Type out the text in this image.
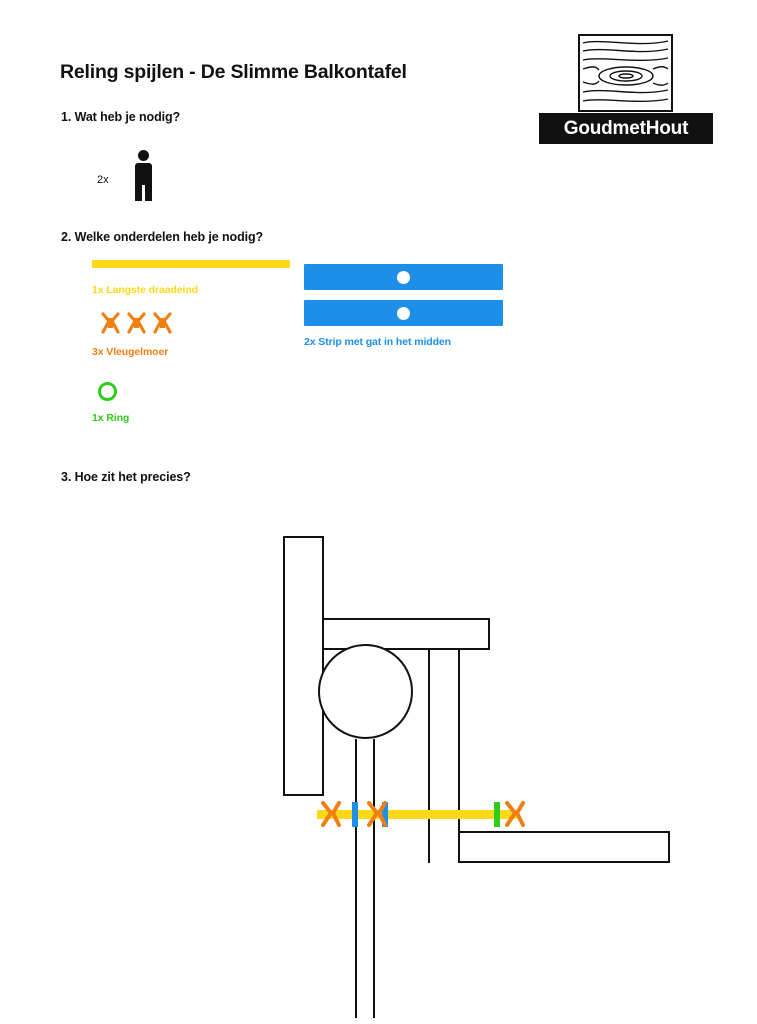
GoudmetHout
Reling spijlen - De Slimme Balkontafel
1. Wat heb je nodig?
2x
2. Welke onderdelen heb je nodig?
1x Langste draadeind
3x Vleugelmoer
1x Ring
2x Strip met gat in het midden
3. Hoe zit het precies?
